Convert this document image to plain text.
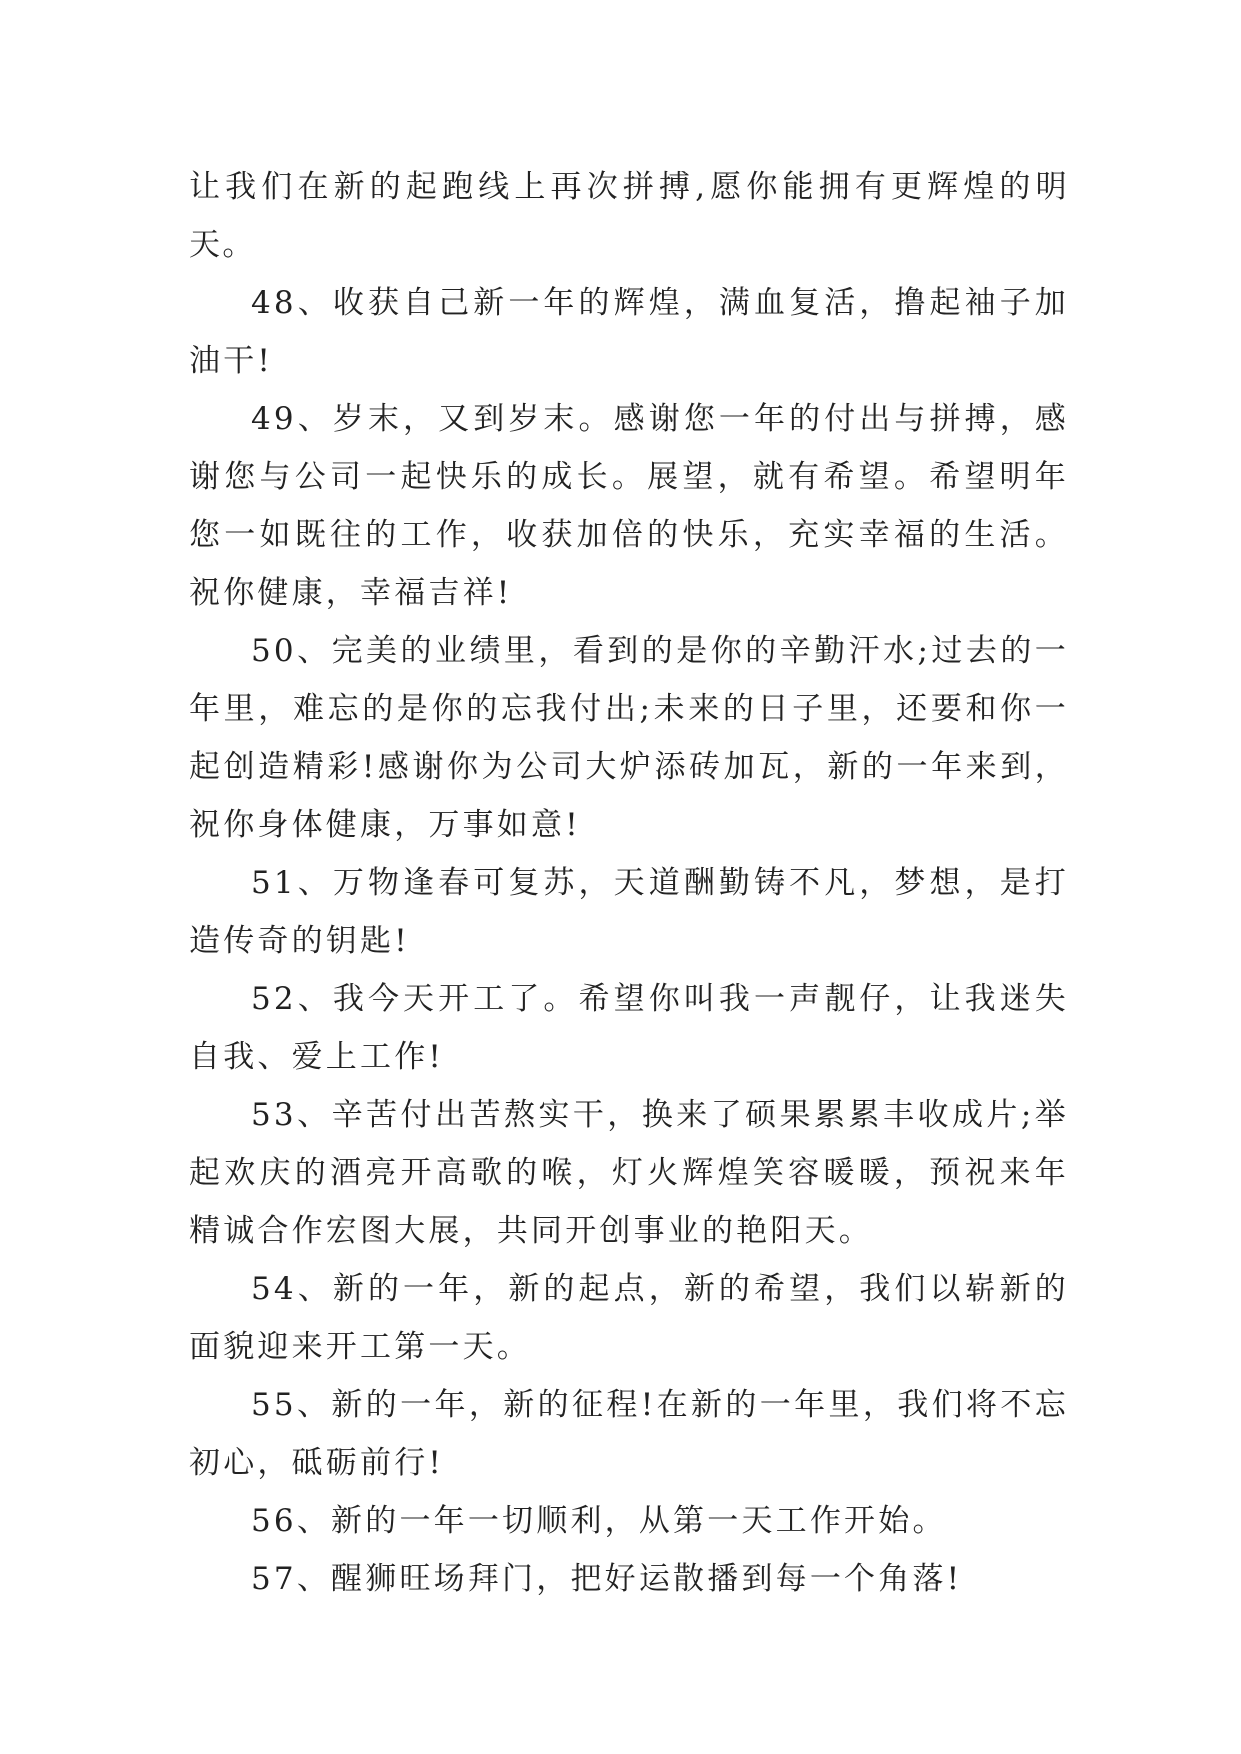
让我们在新的起跑线上再次拼搏,愿你能拥有更辉煌的明天。

48、收获自己新一年的辉煌，满血复活，撸起袖子加油干!

49、岁末，又到岁末。感谢您一年的付出与拼搏，感谢您与公司一起快乐的成长。展望，就有希望。希望明年您一如既往的工作，收获加倍的快乐，充实幸福的生活。祝你健康，幸福吉祥!

50、完美的业绩里，看到的是你的辛勤汗水;过去的一年里，难忘的是你的忘我付出;未来的日子里，还要和你一起创造精彩!感谢你为公司大炉添砖加瓦，新的一年来到，祝你身体健康，万事如意!

51、万物逢春可复苏，天道酬勤铸不凡，梦想，是打造传奇的钥匙!

52、我今天开工了。希望你叫我一声靓仔，让我迷失自我、爱上工作!

53、辛苦付出苦熬实干，换来了硕果累累丰收成片;举起欢庆的酒亮开高歌的喉，灯火辉煌笑容暖暖，预祝来年精诚合作宏图大展，共同开创事业的艳阳天。

54、新的一年，新的起点，新的希望，我们以崭新的面貌迎来开工第一天。

55、新的一年，新的征程!在新的一年里，我们将不忘初心，砥砺前行!

56、新的一年一切顺利，从第一天工作开始。

57、醒狮旺场拜门，把好运散播到每一个角落!
